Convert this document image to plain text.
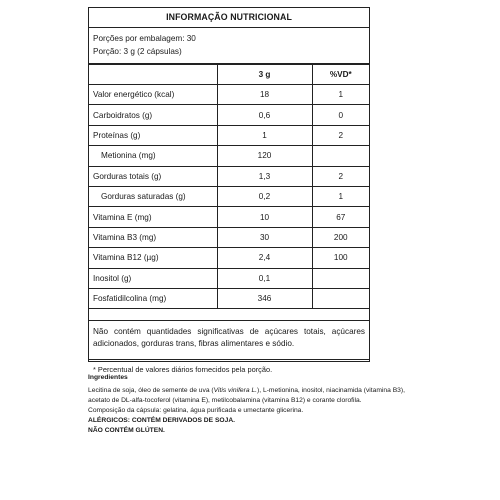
INFORMAÇÃO NUTRICIONAL
Porções por embalagem: 30
Porção: 3 g (2 cápsulas)
	3 g	%VD*
Valor energético (kcal)	18	1
Carboidratos (g)	0,6	0
Proteínas (g)	1	2
Metionina (mg)	120	
Gorduras totais (g)	1,3	2
Gorduras saturadas (g)	0,2	1
Vitamina E (mg)	10	67
Vitamina B3 (mg)	30	200
Vitamina B12 (µg)	2,4	100
Inositol (g)	0,1	
Fosfatidilcolina (mg)	346	
Não contém quantidades significativas de açúcares totais, açúcares adicionados, gorduras trans, fibras alimentares e sódio.
* Percentual de valores diários fornecidos pela porção.
Ingredientes
Lecitina de soja, óleo de semente de uva (Vitis vinifera L.), L-metionina, inositol, niacinamida (vitamina B3), acetato de DL-alfa-tocoferol (vitamina E), metilcobalamina (vitamina B12) e corante clorofila.
Composição da cápsula: gelatina, água purificada e umectante glicerina.
ALÉRGICOS: CONTÉM DERIVADOS DE SOJA.
NÃO CONTÉM GLÚTEN.
